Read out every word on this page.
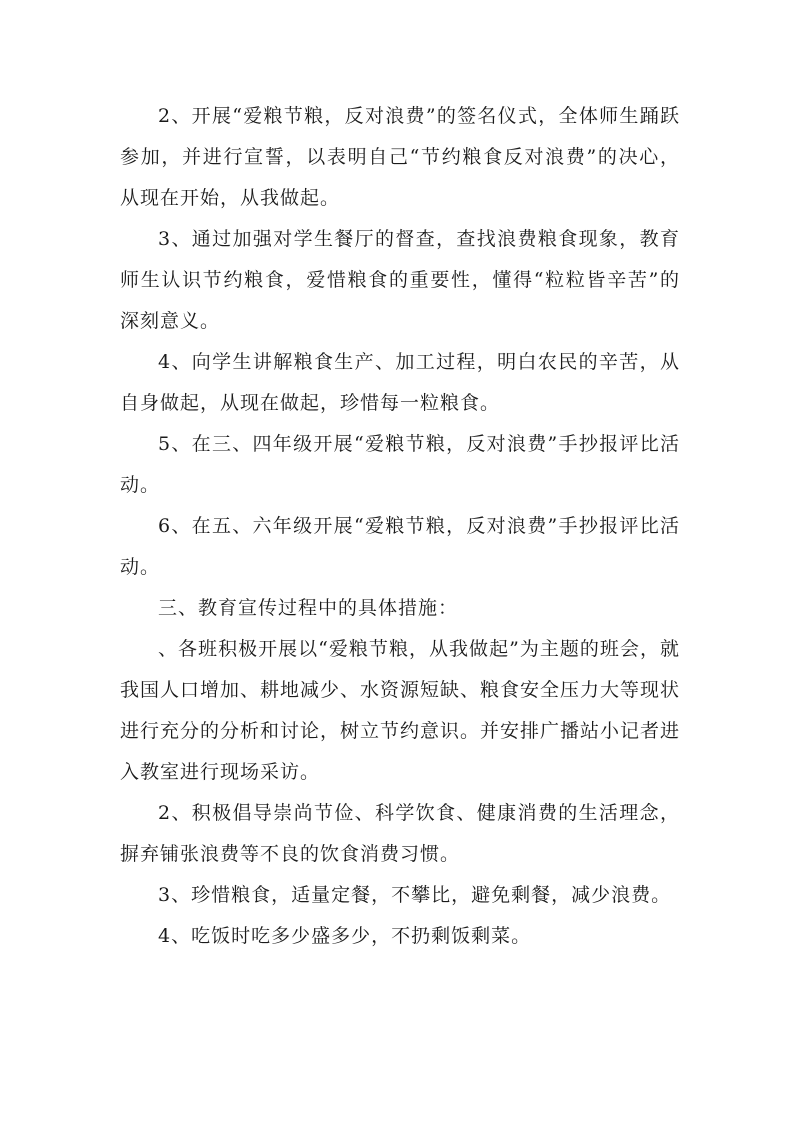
2、开展“爱粮节粮，反对浪费”的签名仪式，全体师生踊跃参加，并进行宣誓，以表明自己“节约粮食反对浪费”的决心，从现在开始，从我做起。

3、通过加强对学生餐厅的督查，查找浪费粮食现象，教育师生认识节约粮食，爱惜粮食的重要性，懂得“粒粒皆辛苦”的深刻意义。

4、向学生讲解粮食生产、加工过程，明白农民的辛苦，从自身做起，从现在做起，珍惜每一粒粮食。

5、在三、四年级开展“爱粮节粮，反对浪费”手抄报评比活动。

6、在五、六年级开展“爱粮节粮，反对浪费”手抄报评比活动。

三、教育宣传过程中的具体措施：

、各班积极开展以“爱粮节粮，从我做起”为主题的班会，就我国人口增加、耕地减少、水资源短缺、粮食安全压力大等现状进行充分的分析和讨论，树立节约意识。并安排广播站小记者进入教室进行现场采访。

2、积极倡导崇尚节俭、科学饮食、健康消费的生活理念，摒弃铺张浪费等不良的饮食消费习惯。

3、珍惜粮食，适量定餐，不攀比，避免剩餐，减少浪费。

4、吃饭时吃多少盛多少，不扔剩饭剩菜。
